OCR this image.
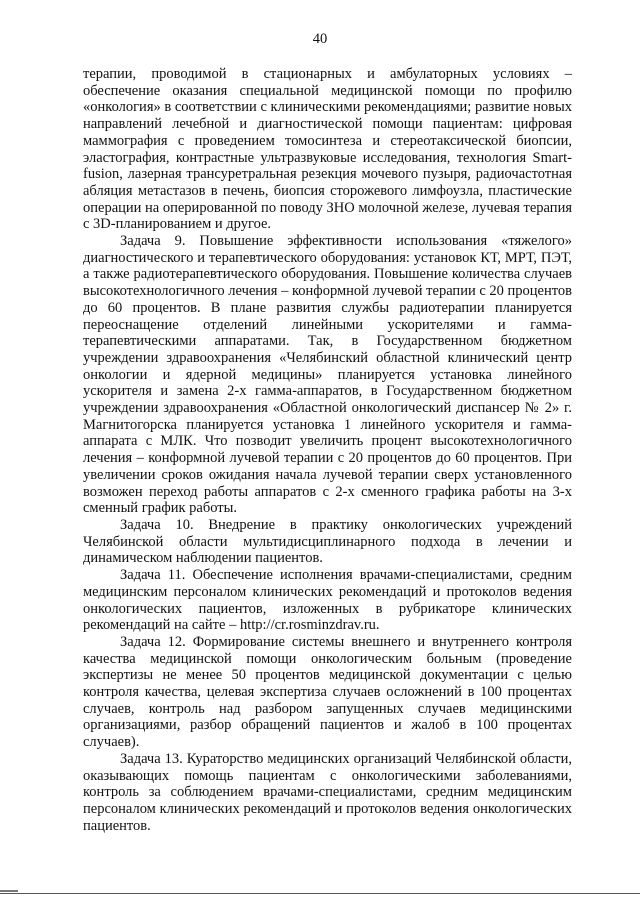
40

терапии, проводимой в стационарных и амбулаторных условиях – обеспечение оказания специальной медицинской помощи по профилю «онкология» в соответствии с клиническими рекомендациями; развитие новых направлений лечебной и диагностической помощи пациентам: цифровая маммография с проведением томосинтеза и стереотаксической биопсии, эластография, контрастные ультразвуковые исследования, технология Smart-fusion, лазерная трансуретральная резекция мочевого пузыря, радиочастотная абляция метастазов в печень, биопсия сторожевого лимфоузла, пластические операции на оперированной по поводу ЗНО молочной железе, лучевая терапия с 3D-планированием и другое.

Задача 9. Повышение эффективности использования «тяжелого» диагностического и терапевтического оборудования: установок КТ, МРТ, ПЭТ, а также радиотерапевтического оборудования. Повышение количества случаев высокотехнологичного лечения – конформной лучевой терапии с 20 процентов до 60 процентов. В плане развития службы радиотерапии планируется переоснащение отделений линейными ускорителями и гамма-терапевтическими аппаратами. Так, в Государственном бюджетном учреждении здравоохранения «Челябинский областной клинический центр онкологии и ядерной медицины» планируется установка линейного ускорителя и замена 2-х гамма-аппаратов, в Государственном бюджетном учреждении здравоохранения «Областной онкологический диспансер № 2» г. Магнитогорска планируется установка 1 линейного ускорителя и гамма-аппарата с МЛК. Что позводит увеличить процент высокотехнологичного лечения – конформной лучевой терапии с 20 процентов до 60 процентов. При увеличении сроков ожидания начала лучевой терапии сверх установленного возможен переход работы аппаратов с 2-х сменного графика работы на 3-х сменный график работы.

Задача 10. Внедрение в практику онкологических учреждений Челябинской области мультидисциплинарного подхода в лечении и динамическом наблюдении пациентов.

Задача 11. Обеспечение исполнения врачами-специалистами, средним медицинским персоналом клинических рекомендаций и протоколов ведения онкологических пациентов, изложенных в рубрикаторе клинических рекомендаций на сайте – http://cr.rosminzdrav.ru.

Задача 12. Формирование системы внешнего и внутреннего контроля качества медицинской помощи онкологическим больным (проведение экспертизы не менее 50 процентов медицинской документации с целью контроля качества, целевая экспертиза случаев осложнений в 100 процентах случаев, контроль над разбором запущенных случаев медицинскими организациями, разбор обращений пациентов и жалоб в 100 процентах случаев).

Задача 13. Кураторство медицинских организаций Челябинской области, оказывающих помощь пациентам с онкологическими заболеваниями, контроль за соблюдением врачами-специалистами, средним медицинским персоналом клинических рекомендаций и протоколов ведения онкологических пациентов.
